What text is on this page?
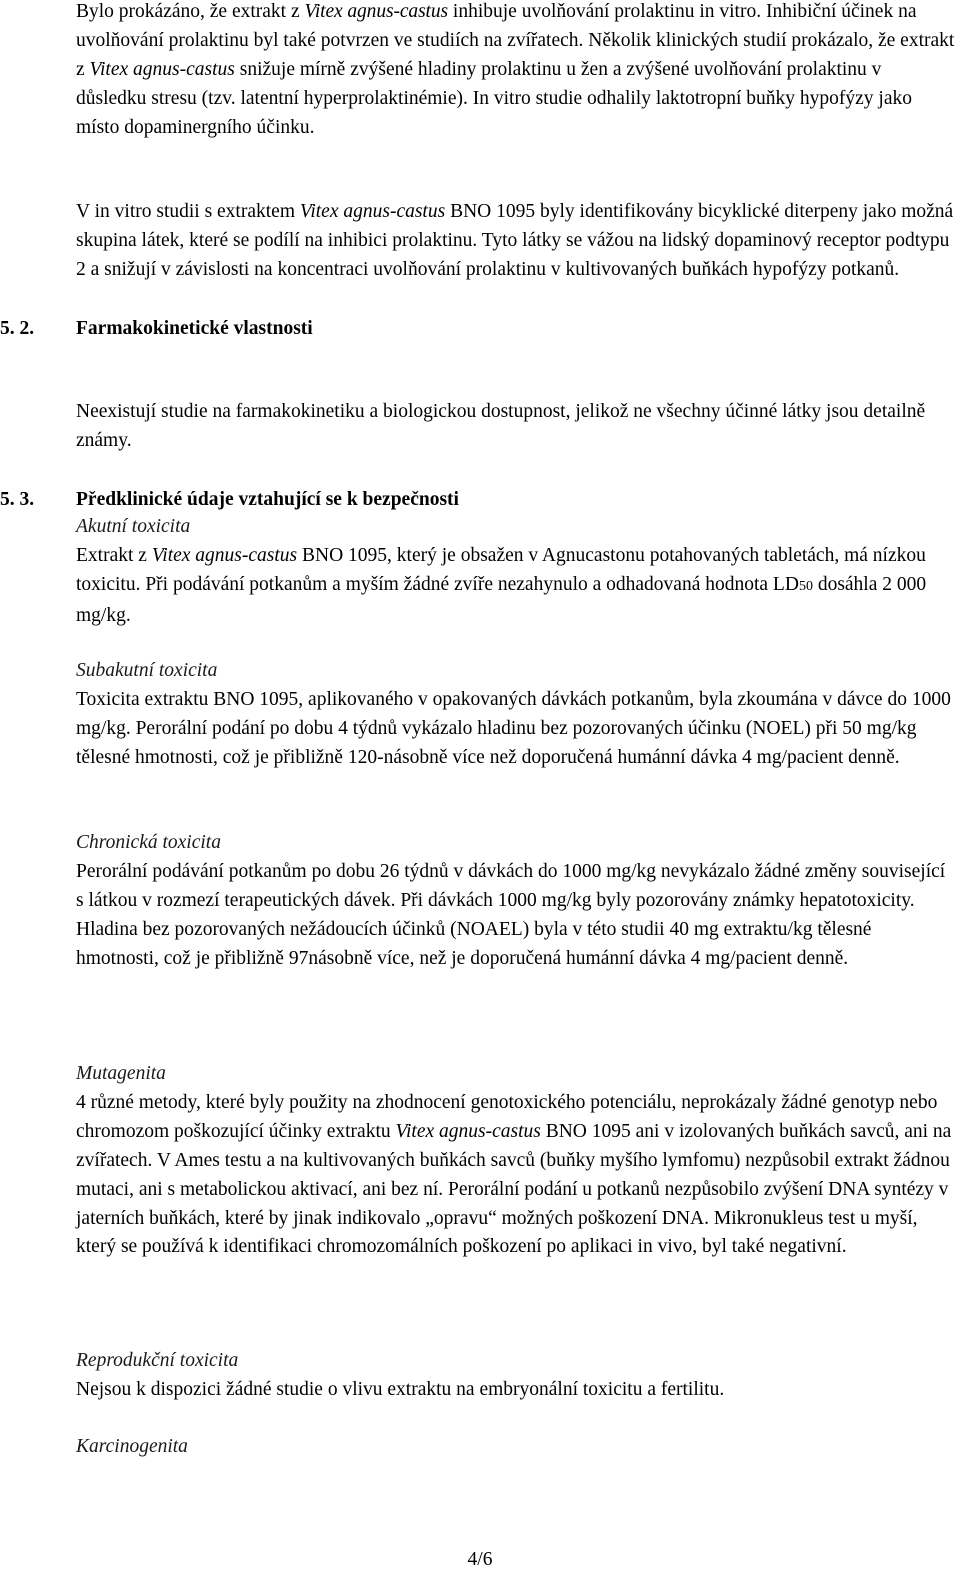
Bylo prokázáno, že extrakt z Vitex agnus-castus inhibuje uvolňování prolaktinu in vitro. Inhibiční účinek na uvolňování prolaktinu byl také potvrzen ve studiích na zvířatech. Několik klinických studií prokázalo, že extrakt z Vitex agnus-castus snižuje mírně zvýšené hladiny prolaktinu u žen a zvýšené uvolňování prolaktinu v důsledku stresu (tzv. latentní hyperprolaktinémie). In vitro studie odhalily laktotropní buňky hypofýzy jako místo dopaminergního účinku.

V in vitro studii s extraktem Vitex agnus-castus BNO 1095 byly identifikovány bicyklické diterpeny jako možná skupina látek, které se podílí na inhibici prolaktinu. Tyto látky se vážou na lidský dopaminový receptor podtypu 2 a snižují v závislosti na koncentraci uvolňování prolaktinu v kultivovaných buňkách hypofýzy potkanů.

5. 2. Farmakokinetické vlastnosti

Neexistují studie na farmakokinetiku a biologickou dostupnost, jelikož ne všechny účinné látky jsou detailně známy.

5. 3. Předklinické údaje vztahující se k bezpečnosti

Akutní toxicita

Extrakt z Vitex agnus-castus BNO 1095, který je obsažen v Agnucastonu potahovaných tabletách, má nízkou toxicitu. Při podávání potkanům a myším žádné zvíře nezahynulo a odhadovaná hodnota LD50 dosáhla 2 000 mg/kg.

Subakutní toxicita

Toxicita extraktu BNO 1095, aplikovaného v opakovaných dávkách potkanům, byla zkoumána v dávce do 1000 mg/kg. Perorální podání po dobu 4 týdnů vykázalo hladinu bez pozorovaných účinku (NOEL) při 50 mg/kg tělesné hmotnosti, což je přibližně 120-násobně více než doporučená humánní dávka 4 mg/pacient denně.

Chronická toxicita

Perorální podávání potkanům po dobu 26 týdnů v dávkách do 1000 mg/kg nevykázalo žádné změny související s látkou v rozmezí terapeutických dávek. Při dávkách 1000 mg/kg byly pozorovány známky hepatotoxicity. Hladina bez pozorovaných nežádoucích účinků (NOAEL) byla v této studii 40 mg extraktu/kg tělesné hmotnosti, což je přibližně 97násobně více, než je doporučená humánní dávka 4 mg/pacient denně.

Mutagenita

4 různé metody, které byly použity na zhodnocení genotoxického potenciálu, neprokázaly žádné genotyp nebo chromozom poškozující účinky extraktu Vitex agnus-castus BNO 1095 ani v izolovaných buňkách savců, ani na zvířatech. V Ames testu a na kultivovaných buňkách savců (buňky myšího lymfomu) nezpůsobil extrakt žádnou mutaci, ani s metabolickou aktivací, ani bez ní. Perorální podání u potkanů nezpůsobilo zvýšení DNA syntézy v jaterních buňkách, které by jinak indikovalo „opravu“ možných poškození DNA. Mikronukleus test u myší, který se používá k identifikaci chromozomálních poškození po aplikaci in vivo, byl také negativní.

Reprodukční toxicita

Nejsou k dispozici žádné studie o vlivu extraktu na embryonální toxicitu a fertilitu.

Karcinogenita

4/6
